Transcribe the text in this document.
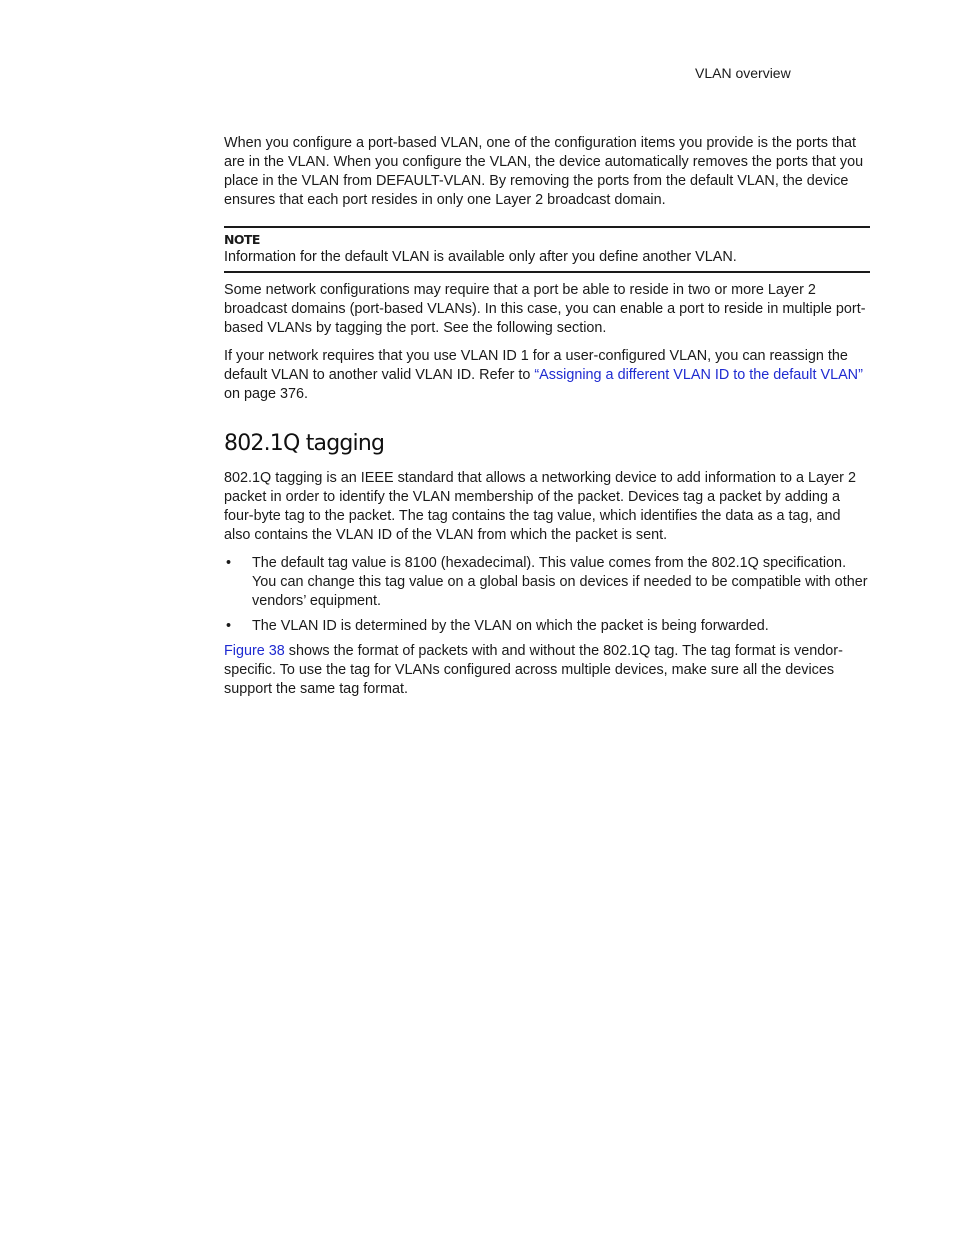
VLAN overview

When you configure a port-based VLAN, one of the configuration items you provide is the ports that are in the VLAN. When you configure the VLAN, the device automatically removes the ports that you place in the VLAN from DEFAULT-VLAN. By removing the ports from the default VLAN, the device ensures that each port resides in only one Layer 2 broadcast domain.

NOTE
Information for the default VLAN is available only after you define another VLAN.

Some network configurations may require that a port be able to reside in two or more Layer 2 broadcast domains (port-based VLANs). In this case, you can enable a port to reside in multiple port-based VLANs by tagging the port. See the following section.

If your network requires that you use VLAN ID 1 for a user-configured VLAN, you can reassign the default VLAN to another valid VLAN ID. Refer to “Assigning a different VLAN ID to the default VLAN” on page 376.

802.1Q tagging

802.1Q tagging is an IEEE standard that allows a networking device to add information to a Layer 2 packet in order to identify the VLAN membership of the packet. Devices tag a packet by adding a four-byte tag to the packet. The tag contains the tag value, which identifies the data as a tag, and also contains the VLAN ID of the VLAN from which the packet is sent.

• The default tag value is 8100 (hexadecimal). This value comes from the 802.1Q specification. You can change this tag value on a global basis on devices if needed to be compatible with other vendors’ equipment.
• The VLAN ID is determined by the VLAN on which the packet is being forwarded.

Figure 38 shows the format of packets with and without the 802.1Q tag. The tag format is vendor-specific. To use the tag for VLANs configured across multiple devices, make sure all the devices support the same tag format.
